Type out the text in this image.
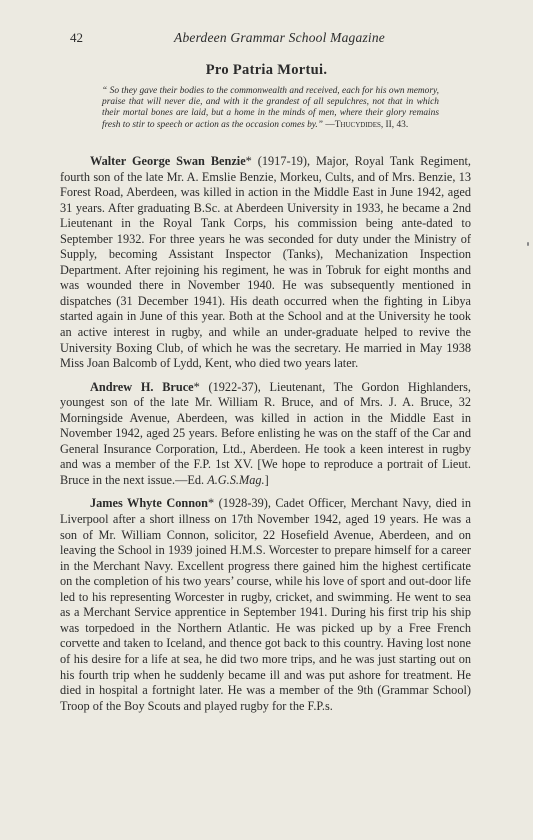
42	Aberdeen Grammar School Magazine
Pro Patria Mortui.
“ So they gave their bodies to the commonwealth and received, each for his own memory, praise that will never die, and with it the grandest of all sepulchres, not that in which their mortal bones are laid, but a home in the minds of men, where their glory remains fresh to stir to speech or action as the occasion comes by.” —Thucydides, II, 43.

Walter George Swan Benzie* (1917-19), Major, Royal Tank Regiment, fourth son of the late Mr. A. Emslie Benzie, Morkeu, Cults, and of Mrs. Benzie, 13 Forest Road, Aberdeen, was killed in action in the Middle East in June 1942, aged 31 years. After graduating B.Sc. at Aberdeen University in 1933, he became a 2nd Lieutenant in the Royal Tank Corps, his commission being ante-dated to September 1932. For three years he was seconded for duty under the Ministry of Supply, becoming Assistant Inspector (Tanks), Mechanization Inspection Department. After rejoining his regiment, he was in Tobruk for eight months and was wounded there in November 1940. He was subsequently mentioned in dispatches (31 December 1941). His death occurred when the fighting in Libya started again in June of this year. Both at the School and at the University he took an active interest in rugby, and while an under-graduate helped to revive the University Boxing Club, of which he was the secretary. He married in May 1938 Miss Joan Balcomb of Lydd, Kent, who died two years later.

Andrew H. Bruce* (1922-37), Lieutenant, The Gordon Highlanders, youngest son of the late Mr. William R. Bruce, and of Mrs. J. A. Bruce, 32 Morningside Avenue, Aberdeen, was killed in action in the Middle East in November 1942, aged 25 years. Before enlisting he was on the staff of the Car and General Insurance Corporation, Ltd., Aberdeen. He took a keen interest in rugby and was a member of the F.P. 1st XV. [We hope to reproduce a portrait of Lieut. Bruce in the next issue.—Ed. A.G.S.Mag.]

James Whyte Connon* (1928-39), Cadet Officer, Merchant Navy, died in Liverpool after a short illness on 17th November 1942, aged 19 years. He was a son of Mr. William Connon, solicitor, 22 Hosefield Avenue, Aberdeen, and on leaving the School in 1939 joined H.M.S. Worcester to prepare himself for a career in the Merchant Navy. Excellent progress there gained him the highest certificate on the completion of his two years’ course, while his love of sport and out-door life led to his representing Worcester in rugby, cricket, and swimming. He went to sea as a Merchant Service apprentice in September 1941. During his first trip his ship was torpedoed in the Northern Atlantic. He was picked up by a Free French corvette and taken to Iceland, and thence got back to this country. Having lost none of his desire for a life at sea, he did two more trips, and he was just starting out on his fourth trip when he suddenly became ill and was put ashore for treatment. He died in hospital a fortnight later. He was a member of the 9th (Grammar School) Troop of the Boy Scouts and played rugby for the F.P.s.
